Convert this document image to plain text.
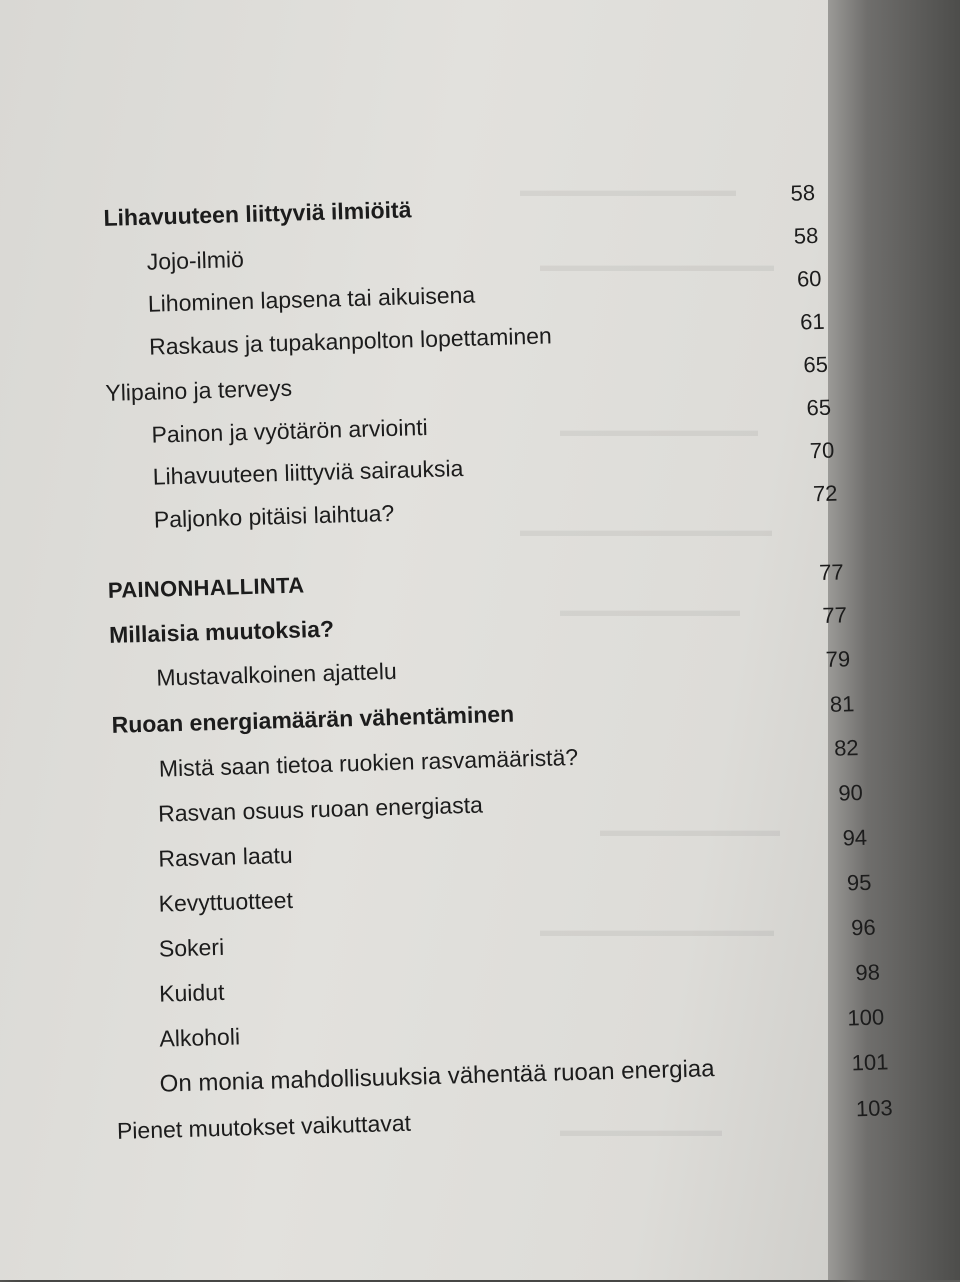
▬▬▬▬▬▬▬▬▬▬▬▬
▬▬▬▬▬▬▬▬▬▬▬▬▬
▬▬▬▬▬▬▬▬▬▬▬
▬▬▬▬▬▬▬▬▬▬▬▬▬▬
▬▬▬▬▬▬▬▬▬▬
▬▬▬▬▬▬▬▬▬▬
▬▬▬▬▬▬▬▬▬▬▬▬▬
▬▬▬▬▬▬▬▬▬
Lihavuuteen liittyviä ilmiöitä
Jojo-ilmiö
Lihominen lapsena tai aikuisena
Raskaus ja tupakanpolton lopettaminen
Ylipaino ja terveys
Painon ja vyötärön arviointi
Lihavuuteen liittyviä sairauksia
Paljonko pitäisi laihtua?
PAINONHALLINTA
Millaisia muutoksia?
Mustavalkoinen ajattelu
Ruoan energiamäärän vähentäminen
Mistä saan tietoa ruokien rasvamääristä?
Rasvan osuus ruoan energiasta
Rasvan laatu
Kevyttuotteet
Sokeri
Kuidut
Alkoholi
On monia mahdollisuuksia vähentää ruoan energiaa
Pienet muutokset vaikuttavat
58
58
60
61
65
65
70
72
77
77
79
81
82
90
94
95
96
98
100
101
103
